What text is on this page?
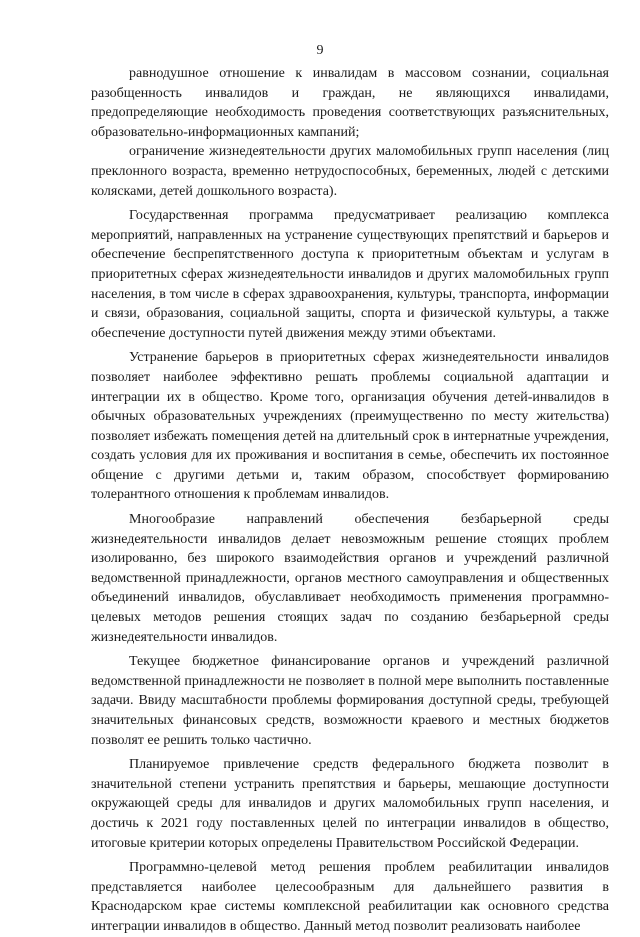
9

равнодушное отношение к инвалидам в массовом сознании, социальная разобщенность инвалидов и граждан, не являющихся инвалидами, предопределяющие необходимость проведения соответствующих разъяснительных, образовательно-информационных кампаний;

ограничение жизнедеятельности других маломобильных групп населения (лиц преклонного возраста, временно нетрудоспособных, беременных, людей с детскими колясками, детей дошкольного возраста).

Государственная программа предусматривает реализацию комплекса мероприятий, направленных на устранение существующих препятствий и барьеров и обеспечение беспрепятственного доступа к приоритетным объектам и услугам в приоритетных сферах жизнедеятельности инвалидов и других маломобильных групп населения, в том числе в сферах здравоохранения, культуры, транспорта, информации и связи, образования, социальной защиты, спорта и физической культуры, а также обеспечение доступности путей движения между этими объектами.

Устранение барьеров в приоритетных сферах жизнедеятельности инвалидов позволяет наиболее эффективно решать проблемы социальной адаптации и интеграции их в общество. Кроме того, организация обучения детей-инвалидов в обычных образовательных учреждениях (преимущественно по месту жительства) позволяет избежать помещения детей на длительный срок в интернатные учреждения, создать условия для их проживания и воспитания в семье, обеспечить их постоянное общение с другими детьми и, таким образом, способствует формированию толерантного отношения к проблемам инвалидов.

Многообразие направлений обеспечения безбарьерной среды жизнедеятельности инвалидов делает невозможным решение стоящих проблем изолированно, без широкого взаимодействия органов и учреждений различной ведомственной принадлежности, органов местного самоуправления и общественных объединений инвалидов, обуславливает необходимость применения программно-целевых методов решения стоящих задач по созданию безбарьерной среды жизнедеятельности инвалидов.

Текущее бюджетное финансирование органов и учреждений различной ведомственной принадлежности не позволяет в полной мере выполнить поставленные задачи. Ввиду масштабности проблемы формирования доступной среды, требующей значительных финансовых средств, возможности краевого и местных бюджетов позволят ее решить только частично.

Планируемое привлечение средств федерального бюджета позволит в значительной степени устранить препятствия и барьеры, мешающие доступности окружающей среды для инвалидов и других маломобильных групп населения, и достичь к 2021 году поставленных целей по интеграции инвалидов в общество, итоговые критерии которых определены Правительством Российской Федерации.

Программно-целевой метод решения проблем реабилитации инвалидов представляется наиболее целесообразным для дальнейшего развития в Краснодарском крае системы комплексной реабилитации как основного средства интеграции инвалидов в общество. Данный метод позволит реализовать наиболее
